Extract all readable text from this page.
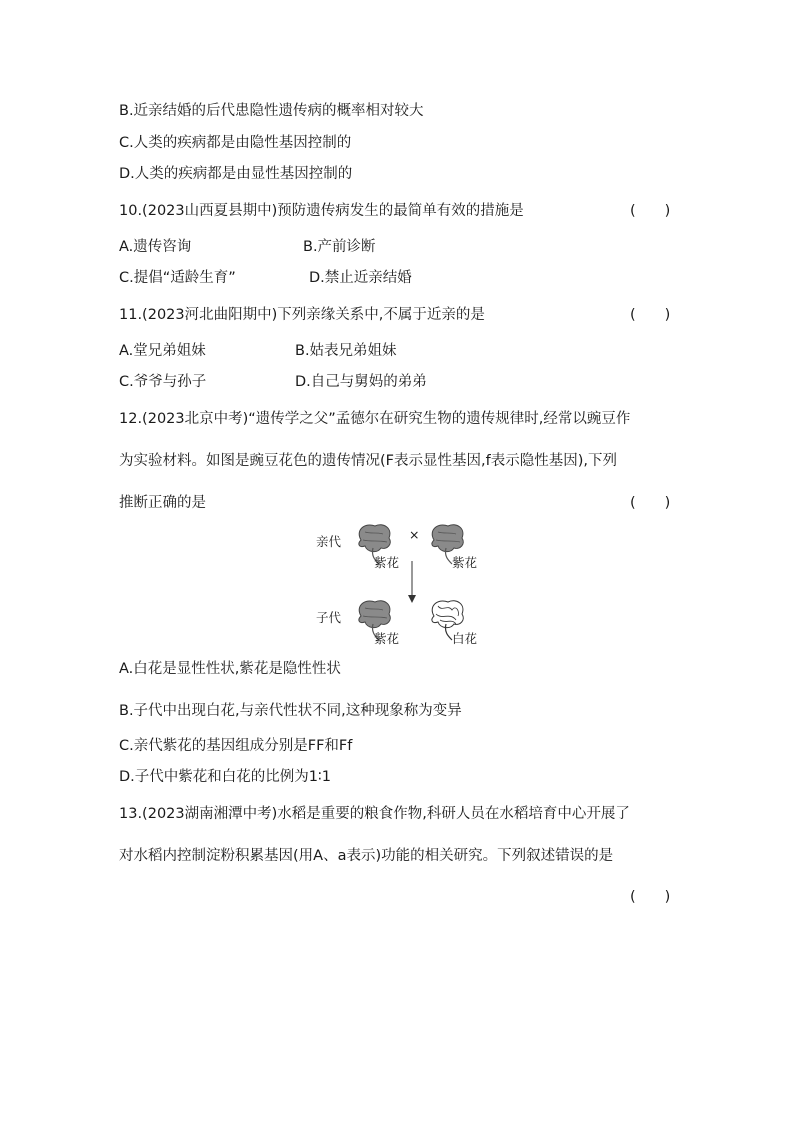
B.近亲结婚的后代患隐性遗传病的概率相对较大
C.人类的疾病都是由隐性基因控制的
D.人类的疾病都是由显性基因控制的
10.(2023山西夏县期中)预防遗传病发生的最简单有效的措施是	(　　)
A.遗传咨询	B.产前诊断
C.提倡“适龄生育”	D.禁止近亲结婚
11.(2023河北曲阳期中)下列亲缘关系中,不属于近亲的是	(　　)
A.堂兄弟姐妹	B.姑表兄弟姐妹
C.爷爷与孙子	D.自己与舅妈的弟弟
12.(2023北京中考)“遗传学之父”孟德尔在研究生物的遗传规律时,经常以豌豆作
为实验材料。如图是豌豆花色的遗传情况(F表示显性基因,f表示隐性基因),下列
推断正确的是	(　　)
亲代
子代
紫花
×
紫花
紫花	白花
A.白花是显性性状,紫花是隐性性状
B.子代中出现白花,与亲代性状不同,这种现象称为变异
C.亲代紫花的基因组成分别是FF和Ff
D.子代中紫花和白花的比例为1∶1
13.(2023湖南湘潭中考)水稻是重要的粮食作物,科研人员在水稻培育中心开展了
对水稻内控制淀粉积累基因(用A、a表示)功能的相关研究。下列叙述错误的是
(　　)
